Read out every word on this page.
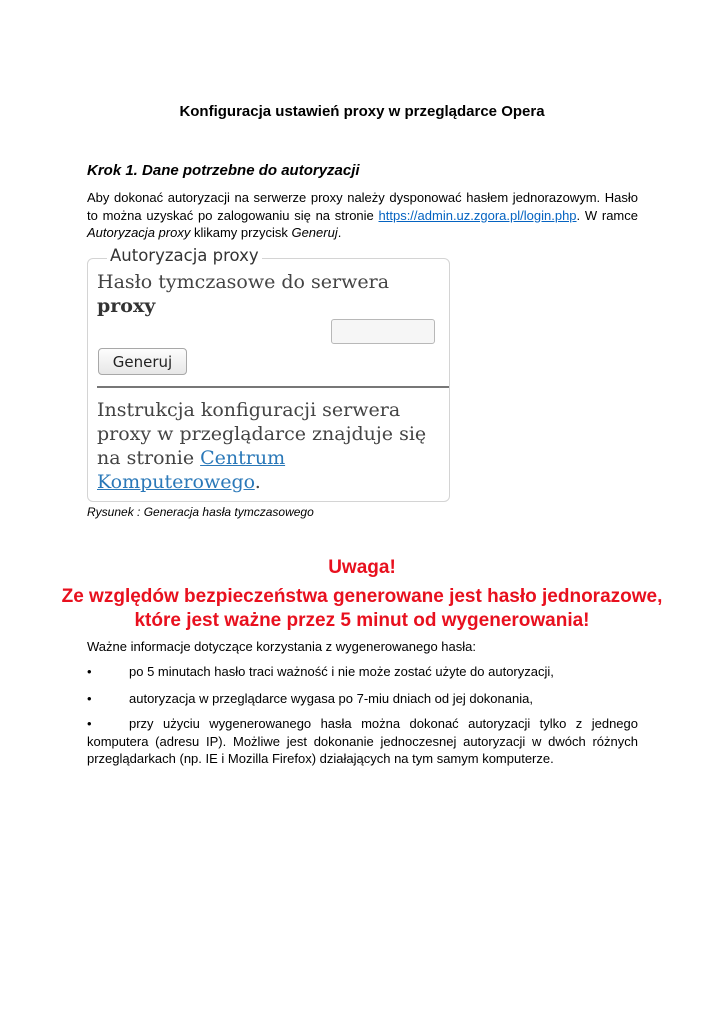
Konfiguracja ustawień proxy w przeglądarce Opera
Krok 1. Dane potrzebne do autoryzacji
Aby dokonać autoryzacji na serwerze proxy należy dysponować hasłem jednorazowym. Hasło to można uzyskać po zalogowaniu się na stronie https://admin.uz.zgora.pl/login.php. W ramce Autoryzacja proxy klikamy przycisk Generuj.
Autoryzacja proxy
Hasło tymczasowe do serwera
proxy
Generuj
Instrukcja konfiguracji serwera proxy w przeglądarce znajduje się na stronie Centrum Komputerowego.
Rysunek : Generacja hasła tymczasowego
Uwaga!
Ze względów bezpieczeństwa generowane jest hasło jednorazowe, które jest ważne przez 5 minut od wygenerowania!
Ważne informacje dotyczące korzystania z wygenerowanego hasła:
•	po 5 minutach hasło traci ważność i nie może zostać użyte do autoryzacji,
•	autoryzacja w przeglądarce wygasa po 7-miu dniach od jej dokonania,
•	przy użyciu wygenerowanego hasła można dokonać autoryzacji tylko z jednego komputera (adresu IP). Możliwe jest dokonanie jednoczesnej autoryzacji w dwóch różnych przeglądarkach (np. IE i Mozilla Firefox) działających na tym samym komputerze.
